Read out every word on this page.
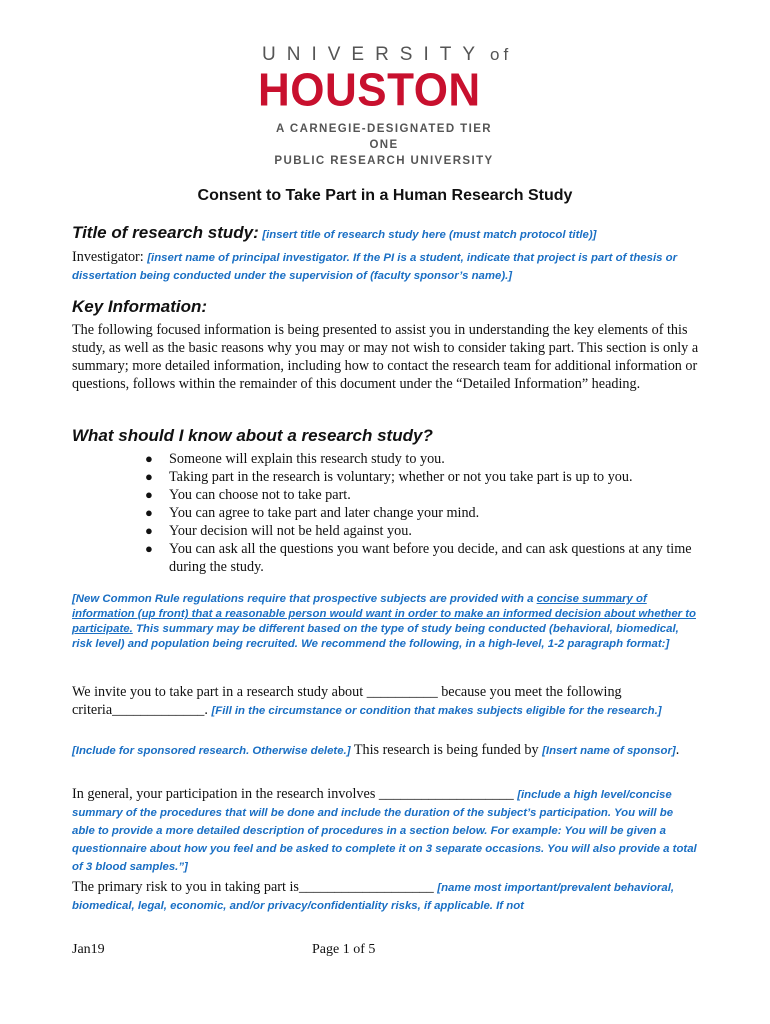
UNIVERSITY of
HOUSTON
A CARNEGIE-DESIGNATED TIER ONE
PUBLIC RESEARCH UNIVERSITY
Consent to Take Part in a Human Research Study
Title of research study: [insert title of research study here (must match protocol title)]
Investigator: [insert name of principal investigator. If the PI is a student, indicate that project is part of thesis or dissertation being conducted under the supervision of (faculty sponsor’s name).]
Key Information:
The following focused information is being presented to assist you in understanding the key elements of this study, as well as the basic reasons why you may or may not wish to consider taking part. This section is only a summary; more detailed information, including how to contact the research team for additional information or questions, follows within the remainder of this document under the “Detailed Information” heading.
What should I know about a research study?
● Someone will explain this research study to you.
● Taking part in the research is voluntary; whether or not you take part is up to you.
● You can choose not to take part.
● You can agree to take part and later change your mind.
● Your decision will not be held against you.
● You can ask all the questions you want before you decide, and can ask questions at any time during the study.
[New Common Rule regulations require that prospective subjects are provided with a concise summary of information (up front) that a reasonable person would want in order to make an informed decision about whether to participate. This summary may be different based on the type of study being conducted (behavioral, biomedical, risk level) and population being recruited. We recommend the following, in a high-level, 1-2 paragraph format:]
We invite you to take part in a research study about __________ because you meet the following criteria_____________. [Fill in the circumstance or condition that makes subjects eligible for the research.]
[Include for sponsored research. Otherwise delete.] This research is being funded by [Insert name of sponsor].
In general, your participation in the research involves ___________________ [include a high level/concise summary of the procedures that will be done and include the duration of the subject’s participation. You will be able to provide a more detailed description of procedures in a section below. For example: You will be given a questionnaire about how you feel and be asked to complete it on 3 separate occasions. You will also provide a total of 3 blood samples.”]
The primary risk to you in taking part is___________________ [name most important/prevalent behavioral, biomedical, legal, economic, and/or privacy/confidentiality risks, if applicable. If not
Jan19	Page 1 of 5
